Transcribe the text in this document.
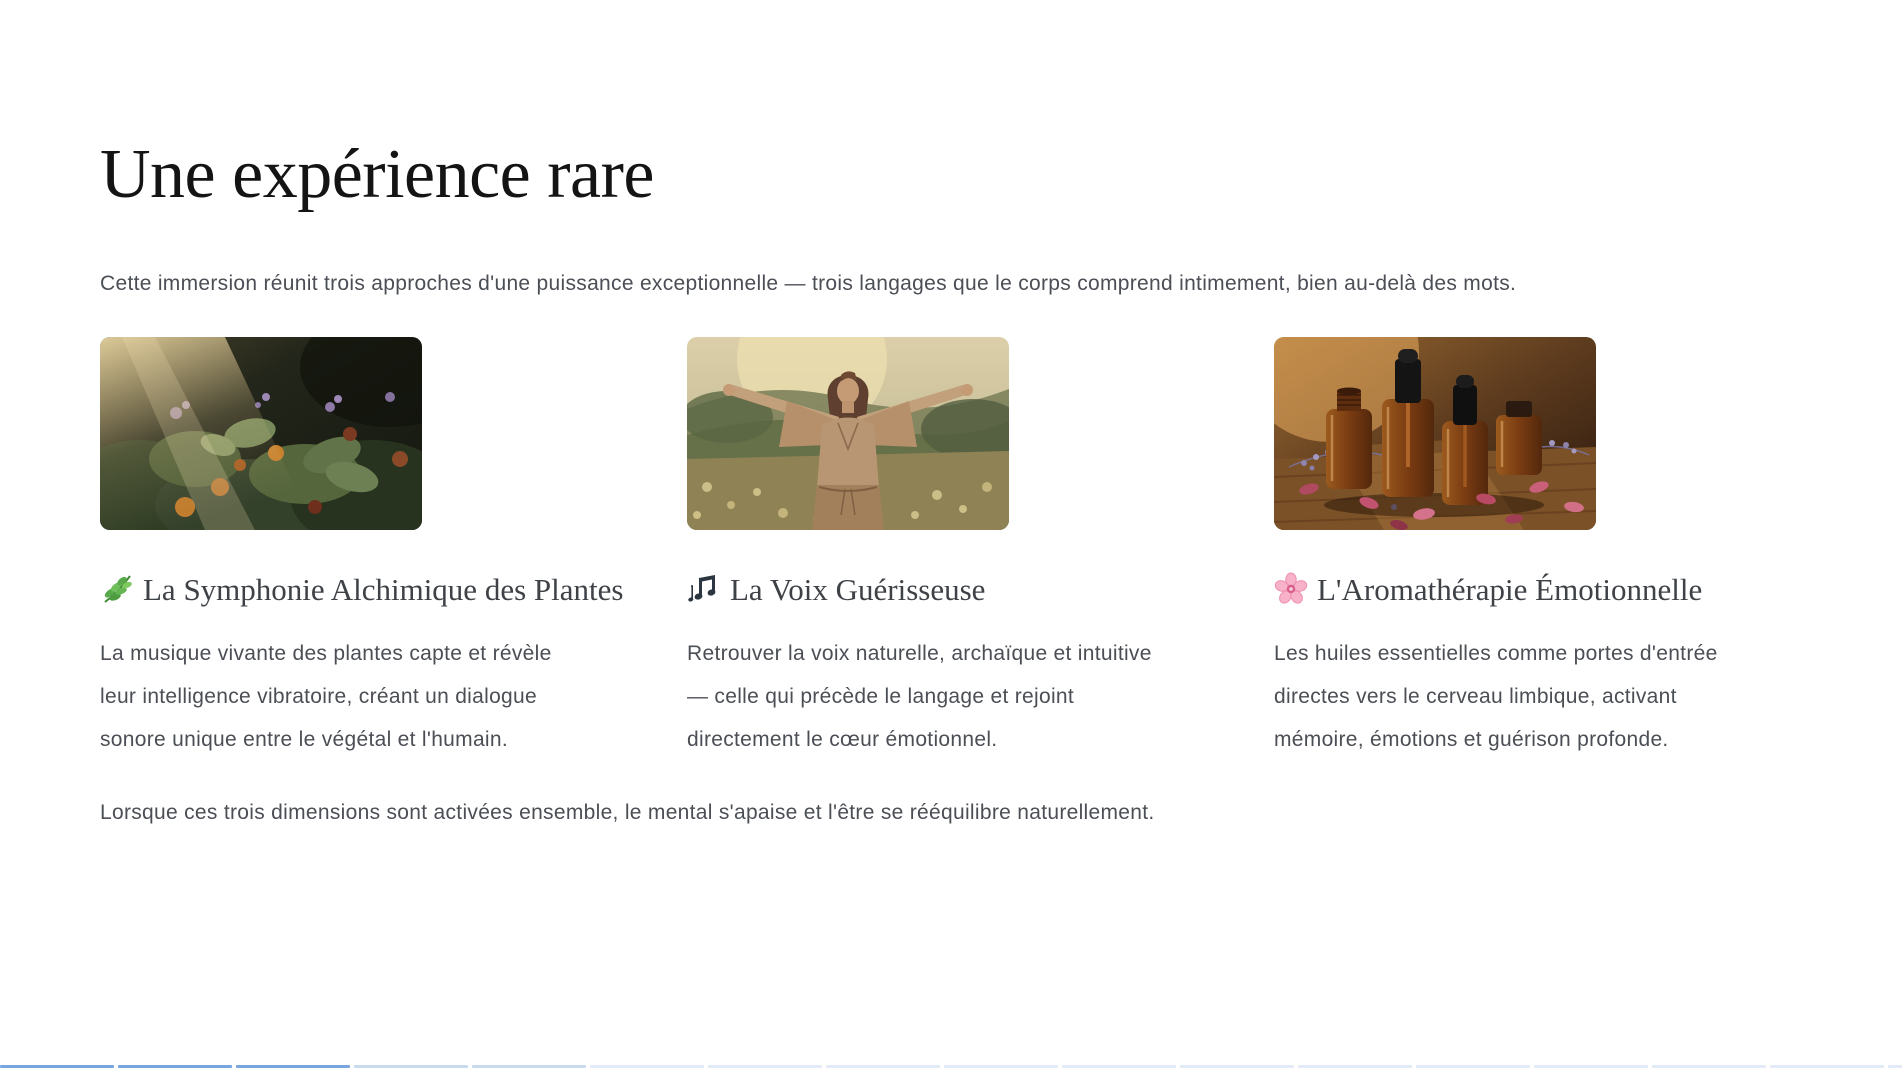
Une expérience rare

Cette immersion réunit trois approches d'une puissance exceptionnelle — trois langages que le corps comprend intimement, bien au-delà des mots.

La Symphonie Alchimique des Plantes

La musique vivante des plantes capte et révèle leur intelligence vibratoire, créant un dialogue sonore unique entre le végétal et l'humain.

La Voix Guérisseuse

Retrouver la voix naturelle, archaïque et intuitive — celle qui précède le langage et rejoint directement le cœur émotionnel.

L'Aromathérapie Émotionnelle

Les huiles essentielles comme portes d'entrée directes vers le cerveau limbique, activant mémoire, émotions et guérison profonde.

Lorsque ces trois dimensions sont activées ensemble, le mental s'apaise et l'être se rééquilibre naturellement.
